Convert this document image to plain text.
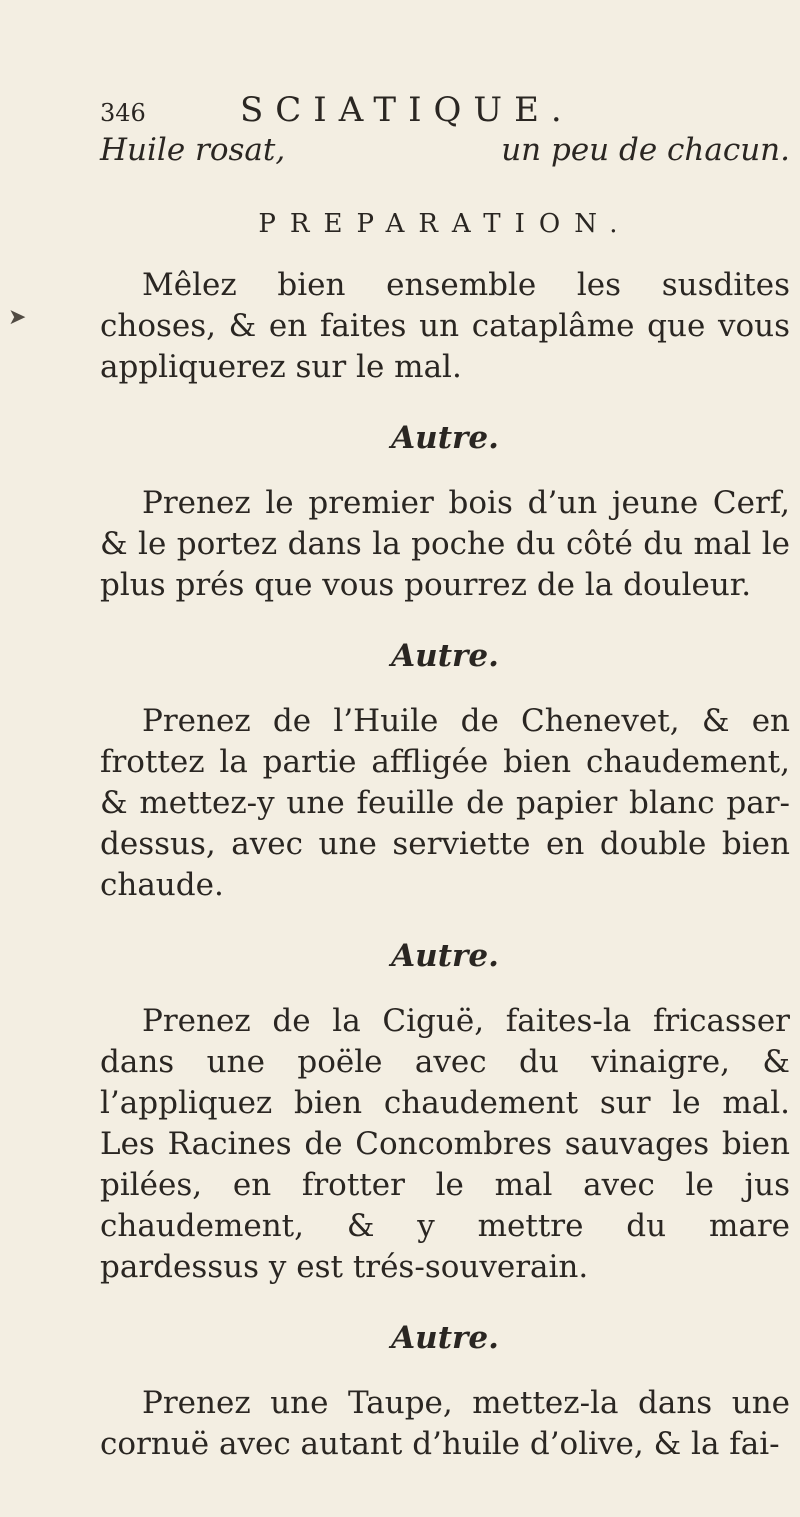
➤
346	SCIATIQUE.
Huile rosat,	un peu de chacun.
PREPARATION.

Mêlez bien ensemble les susdites choses, & en faites un cataplâme que vous appliquerez sur le mal.

Autre.

Prenez le premier bois d’un jeune Cerf, & le portez dans la poche du côté du mal le plus prés que vous pourrez de la douleur.

Autre.

Prenez de l’Huile de Chenevet, & en frottez la partie affligée bien chaudement, & mettez-y une feuille de papier blanc par-dessus, avec une serviette en double bien chaude.

Autre.

Prenez de la Ciguë, faites-la fricasser dans une poële avec du vinaigre, & l’appliquez bien chaudement sur le mal. Les Racines de Concombres sauvages bien pilées, en frotter le mal avec le jus chaudement, & y mettre du mare pardessus y est trés-souverain.

Autre.

Prenez une Taupe, mettez-la dans une cornuë avec autant d’huile d’olive, & la fai-
